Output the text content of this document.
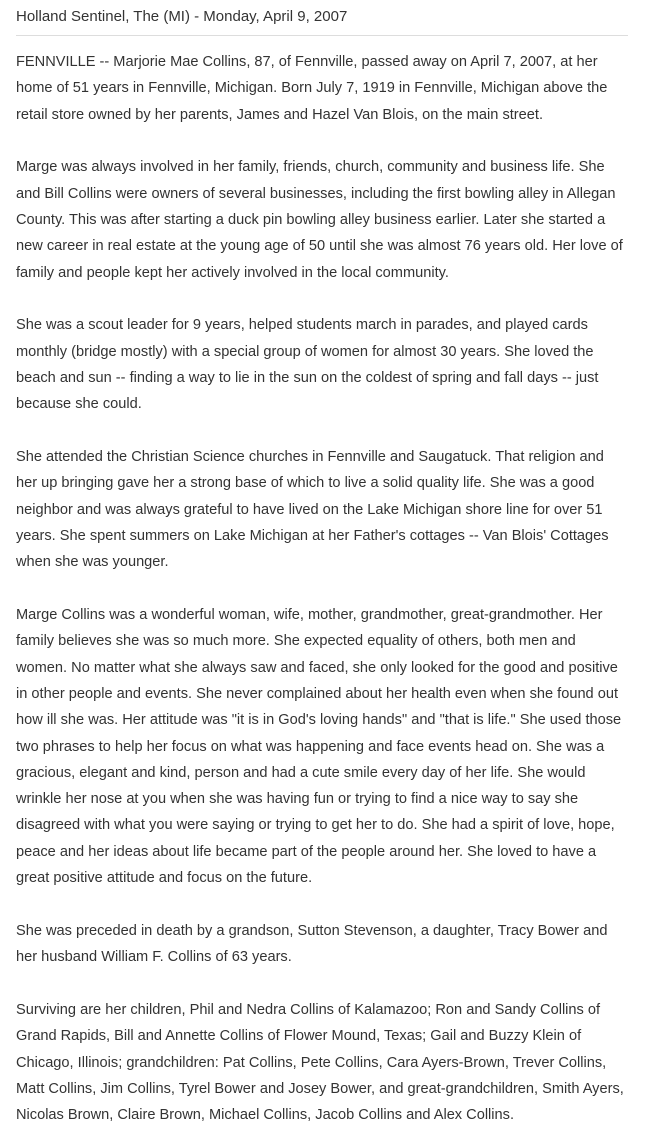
Holland Sentinel, The (MI) - Monday, April 9, 2007

FENNVILLE -- Marjorie Mae Collins, 87, of Fennville, passed away on April 7, 2007, at her home of 51 years in Fennville, Michigan. Born July 7, 1919 in Fennville, Michigan above the retail store owned by her parents, James and Hazel Van Blois, on the main street.

Marge was always involved in her family, friends, church, community and business life. She and Bill Collins were owners of several businesses, including the first bowling alley in Allegan County. This was after starting a duck pin bowling alley business earlier. Later she started a new career in real estate at the young age of 50 until she was almost 76 years old. Her love of family and people kept her actively involved in the local community.

She was a scout leader for 9 years, helped students march in parades, and played cards monthly (bridge mostly) with a special group of women for almost 30 years. She loved the beach and sun -- finding a way to lie in the sun on the coldest of spring and fall days -- just because she could.

She attended the Christian Science churches in Fennville and Saugatuck. That religion and her up bringing gave her a strong base of which to live a solid quality life. She was a good neighbor and was always grateful to have lived on the Lake Michigan shore line for over 51 years. She spent summers on Lake Michigan at her Father's cottages -- Van Blois' Cottages when she was younger.

Marge Collins was a wonderful woman, wife, mother, grandmother, great-grandmother. Her family believes she was so much more. She expected equality of others, both men and women. No matter what she always saw and faced, she only looked for the good and positive in other people and events. She never complained about her health even when she found out how ill she was. Her attitude was "it is in God's loving hands" and "that is life." She used those two phrases to help her focus on what was happening and face events head on. She was a gracious, elegant and kind, person and had a cute smile every day of her life. She would wrinkle her nose at you when she was having fun or trying to find a nice way to say she disagreed with what you were saying or trying to get her to do. She had a spirit of love, hope, peace and her ideas about life became part of the people around her. She loved to have a great positive attitude and focus on the future.

She was preceded in death by a grandson, Sutton Stevenson, a daughter, Tracy Bower and her husband William F. Collins of 63 years.

Surviving are her children, Phil and Nedra Collins of Kalamazoo; Ron and Sandy Collins of Grand Rapids, Bill and Annette Collins of Flower Mound, Texas; Gail and Buzzy Klein of Chicago, Illinois; grandchildren: Pat Collins, Pete Collins, Cara Ayers-Brown, Trever Collins, Matt Collins, Jim Collins, Tyrel Bower and Josey Bower, and great-grandchildren, Smith Ayers, Nicolas Brown, Claire Brown, Michael Collins, Jacob Collins and Alex Collins.
